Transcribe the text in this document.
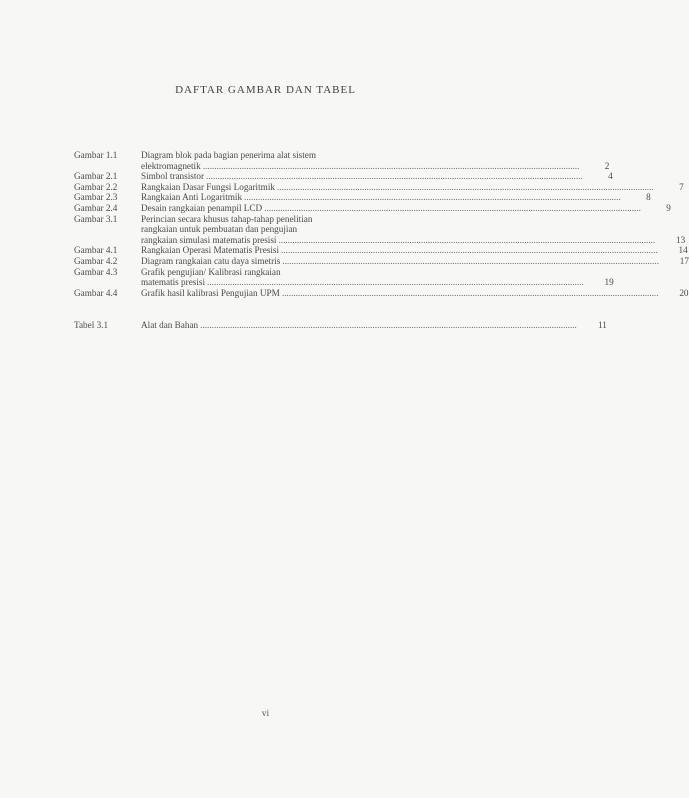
DAFTAR GAMBAR DAN TABEL
Gambar 1.1	Diagram blok pada bagian penerima alat sistem
elektromagnetik .....	2
Gambar 2.1	Simbol transistor .....	4
Gambar 2.2	Rangkaian Dasar Fungsi Logaritmik .....	7
Gambar 2.3	Rangkaian Anti Logaritmik .....	8
Gambar 2.4	Desain rangkaian penampil LCD .....	9
Gambar 3.1	Perincian secara khusus tahap-tahap penelitian
rangkaian untuk pembuatan dan pengujian
rangkaian simulasi matematis presisi .....	13
Gambar 4.1	Rangkaian Operasi Matematis Presisi .....	14
Gambar 4.2	Diagram rangkaian catu daya simetris .....	17
Gambar 4.3	Grafik pengujian/ Kalibrasi rangkaian
matematis presisi .....	19
Gambar 4.4	Grafik hasil kalibrasi Pengujian UPM .....	20
Tabel 3.1	Alat dan Bahan .....	11
vi
